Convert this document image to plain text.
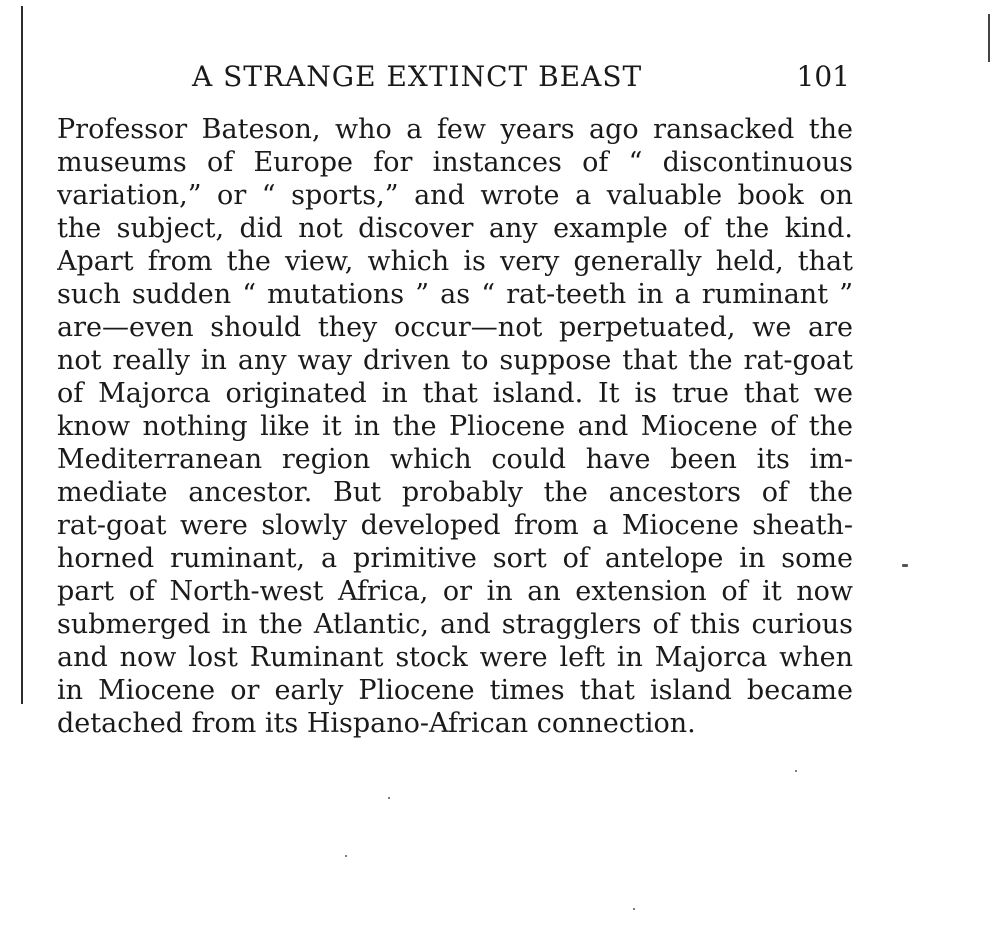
A STRANGE EXTINCT BEAST	101
Professor Bateson, who a few years ago ransacked the
museums of Europe for instances of “ discontinuous
variation,” or “ sports,” and wrote a valuable book on
the subject, did not discover any example of the kind.
Apart from the view, which is very generally held, that
such sudden “ mutations ” as “ rat-teeth in a ruminant ”
are—even should they occur—not perpetuated, we are
not really in any way driven to suppose that the rat-goat
of Majorca originated in that island. It is true that we
know nothing like it in the Pliocene and Miocene of the
Mediterranean region which could have been its im-
mediate ancestor. But probably the ancestors of the
rat-goat were slowly developed from a Miocene sheath-
horned ruminant, a primitive sort of antelope in some
part of North-west Africa, or in an extension of it now
submerged in the Atlantic, and stragglers of this curious
and now lost Ruminant stock were left in Majorca when
in Miocene or early Pliocene times that island became
detached from its Hispano-African connection.
